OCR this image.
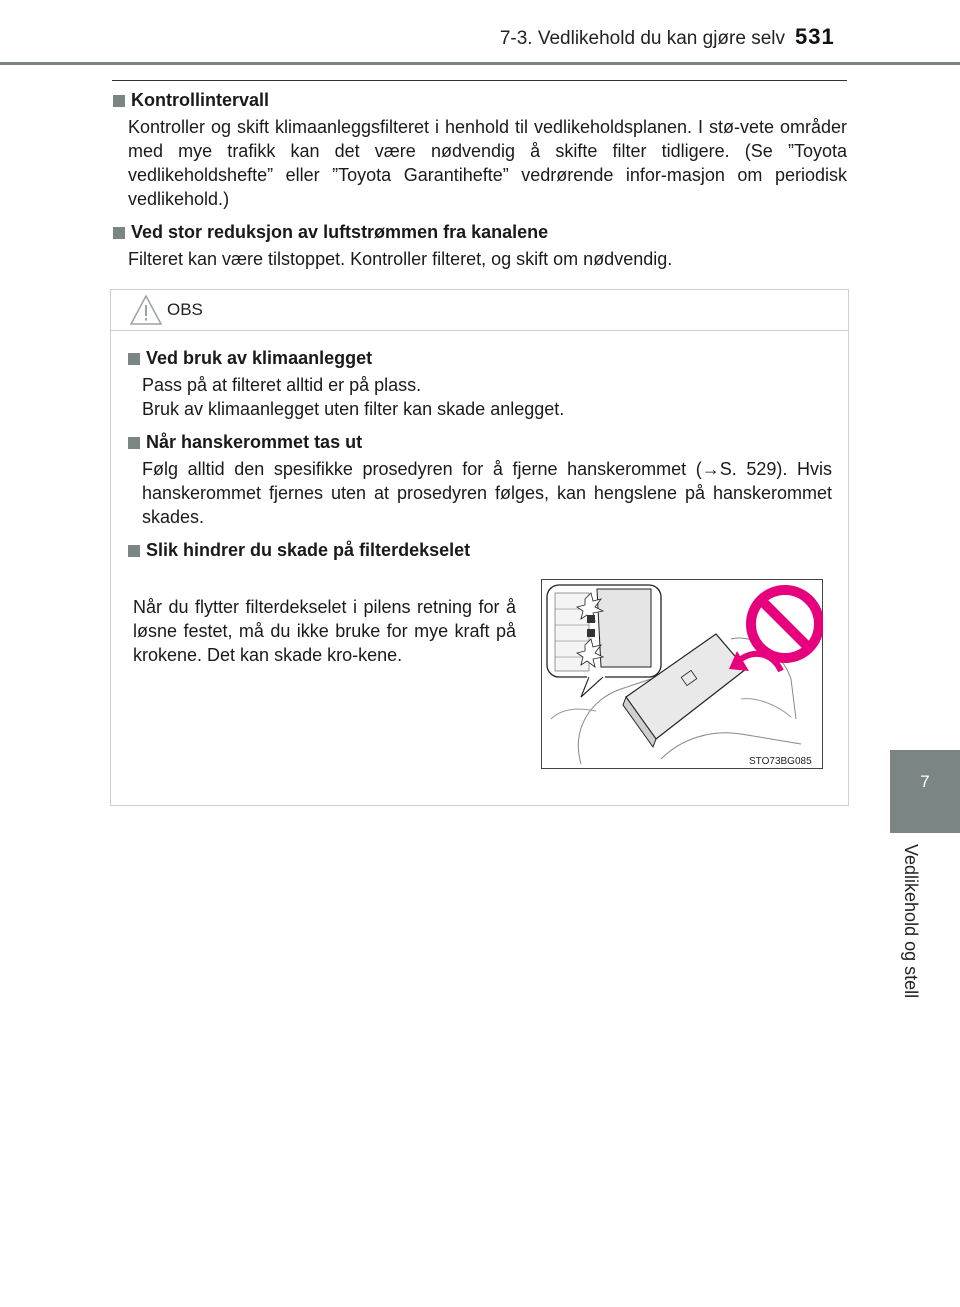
7-3. Vedlikehold du kan gjøre selv 531
7
Vedlikehold og stell
Kontrollintervall

Kontroller og skift klimaanleggsfilteret i henhold til vedlikeholdsplanen. I stø-vete områder med mye trafikk kan det være nødvendig å skifte filter tidligere. (Se ”Toyota vedlikeholdshefte” eller ”Toyota Garantihefte” vedrørende infor-masjon om periodisk vedlikehold.)

Ved stor reduksjon av luftstrømmen fra kanalene

Filteret kan være tilstoppet. Kontroller filteret, og skift om nødvendig.

OBS
Ved bruk av klimaanlegget

Pass på at filteret alltid er på plass.
Bruk av klimaanlegget uten filter kan skade anlegget.

Når hanskerommet tas ut

Følg alltid den spesifikke prosedyren for å fjerne hanskerommet (→S. 529). Hvis hanskerommet fjernes uten at prosedyren følges, kan hengslene på hanskerommet skades.

Slik hindrer du skade på filterdekselet

Når du flytter filterdekselet i pilens retning for å løsne festet, må du ikke bruke for mye kraft på krokene. Det kan skade kro-kene.

STO73BG085
